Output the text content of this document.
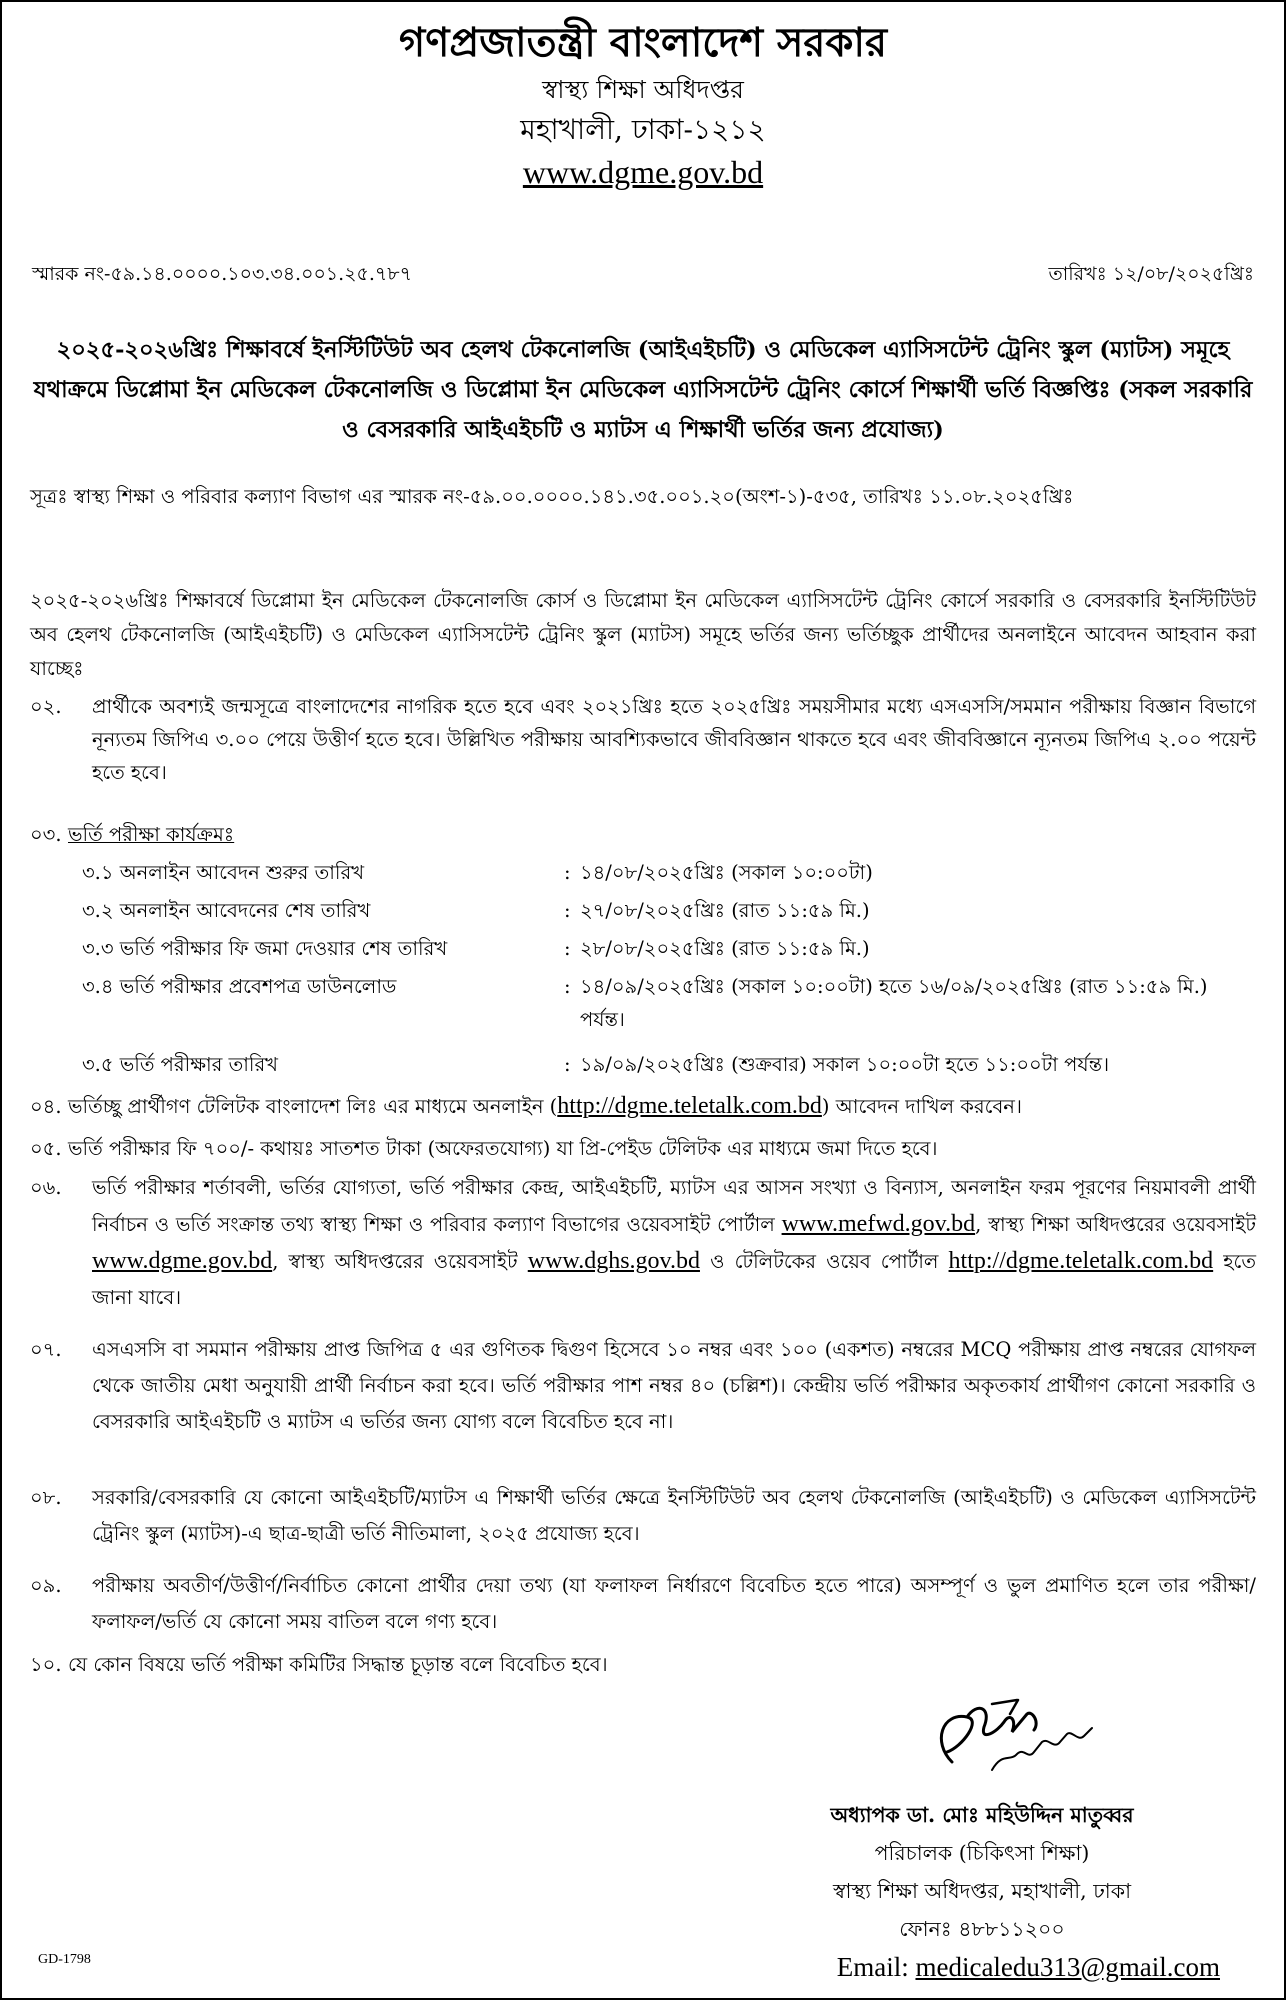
গণপ্রজাতন্ত্রী বাংলাদেশ সরকার
স্বাস্থ্য শিক্ষা অধিদপ্তর
মহাখালী, ঢাকা-১২১২
www.dgme.gov.bd
স্মারক নং-৫৯.১৪.০০০০.১০৩.৩৪.০০১.২৫.৭৮৭	তারিখঃ ১২/০৮/২০২৫খ্রিঃ
২০২৫-২০২৬খ্রিঃ শিক্ষাবর্ষে ইনস্টিটিউট অব হেলথ টেকনোলজি (আইএইচটি) ও মেডিকেল এ্যাসিসটেন্ট ট্রেনিং স্কুল (ম্যাটস) সমূহে যথাক্রমে ডিপ্লোমা ইন মেডিকেল টেকনোলজি ও ডিপ্লোমা ইন মেডিকেল এ্যাসিসটেন্ট ট্রেনিং কোর্সে শিক্ষার্থী ভর্তি বিজ্ঞপ্তিঃ (সকল সরকারি ও বেসরকারি আইএইচটি ও ম্যাটস এ শিক্ষার্থী ভর্তির জন্য প্রযোজ্য)
সূত্রঃ স্বাস্থ্য শিক্ষা ও পরিবার কল্যাণ বিভাগ এর স্মারক নং-৫৯.০০.০০০০.১৪১.৩৫.০০১.২০(অংশ-১)-৫৩৫, তারিখঃ ১১.০৮.২০২৫খ্রিঃ
২০২৫-২০২৬খ্রিঃ শিক্ষাবর্ষে ডিপ্লোমা ইন মেডিকেল টেকনোলজি কোর্স ও ডিপ্লোমা ইন মেডিকেল এ্যাসিসটেন্ট ট্রেনিং কোর্সে সরকারি ও বেসরকারি ইনস্টিটিউট অব হেলথ টেকনোলজি (আইএইচটি) ও মেডিকেল এ্যাসিসটেন্ট ট্রেনিং স্কুল (ম্যাটস) সমূহে ভর্তির জন্য ভর্তিচ্ছুক প্রার্থীদের অনলাইনে আবেদন আহবান করা যাচ্ছেঃ
০২.	প্রার্থীকে অবশ্যই জন্মসূত্রে বাংলাদেশের নাগরিক হতে হবে এবং ২০২১খ্রিঃ হতে ২০২৫খ্রিঃ সময়সীমার মধ্যে এসএসসি/সমমান পরীক্ষায় বিজ্ঞান বিভাগে নূন্যতম জিপিএ ৩.০০ পেয়ে উত্তীর্ণ হতে হবে। উল্লিখিত পরীক্ষায় আবশ্যিকভাবে জীববিজ্ঞান থাকতে হবে এবং জীববিজ্ঞানে ন্যূনতম জিপিএ ২.০০ পয়েন্ট হতে হবে।
০৩. ভর্তি পরীক্ষা কার্যক্রম
৩.১ অনলাইন আবেদন শুরুর তারিখ	: ১৪/০৮/২০২৫খ্রিঃ (সকাল ১০:০০টা)
৩.২ অনলাইন আবেদনের শেষ তারিখ	: ২৭/০৮/২০২৫খ্রিঃ (রাত ১১:৫৯ মি.)
৩.৩ ভর্তি পরীক্ষার ফি জমা দেওয়ার শেষ তারিখ	: ২৮/০৮/২০২৫খ্রিঃ (রাত ১১:৫৯ মি.)
৩.৪ ভর্তি পরীক্ষার প্রবেশপত্র ডাউনলোড	: ১৪/০৯/২০২৫খ্রিঃ (সকাল ১০:০০টা) হতে ১৬/০৯/২০২৫খ্রিঃ (রাত ১১:৫৯ মি.) পর্যন্ত।
৩.৫ ভর্তি পরীক্ষার তারিখ	: ১৯/০৯/২০২৫খ্রিঃ (শুক্রবার) সকাল ১০:০০টা হতে ১১:০০টা পর্যন্ত।
০৪. ভর্তিচ্ছু প্রার্থীগণ টেলিটক বাংলাদেশ লিঃ এর মাধ্যমে অনলাইন (http://dgme.teletalk.com.bd) আবেদন দাখিল করবেন।
০৫. ভর্তি পরীক্ষার ফি ৭০০/- কথায়ঃ সাতশত টাকা (অফেরতযোগ্য) যা প্রি-পেইড টেলিটক এর মাধ্যমে জমা দিতে হবে।
০৬.	ভর্তি পরীক্ষার শর্তাবলী, ভর্তির যোগ্যতা, ভর্তি পরীক্ষার কেন্দ্র, আইএইচটি, ম্যাটস এর আসন সংখ্যা ও বিন্যাস, অনলাইন ফরম পূরণের নিয়মাবলী প্রার্থী নির্বাচন ও ভর্তি সংক্রান্ত তথ্য স্বাস্থ্য শিক্ষা ও পরিবার কল্যাণ বিভাগের ওয়েবসাইট পোর্টাল www.mefwd.gov.bd, স্বাস্থ্য শিক্ষা অধিদপ্তরের ওয়েবসাইট www.dgme.gov.bd, স্বাস্থ্য অধিদপ্তরের ওয়েবসাইট www.dghs.gov.bd ও টেলিটকের ওয়েব পোর্টাল http://dgme.teletalk.com.bd হতে জানা যাবে।
০৭.	এসএসসি বা সমমান পরীক্ষায় প্রাপ্ত জিপিত্র ৫ এর গুণিতক দ্বিগুণ হিসেবে ১০ নম্বর এবং ১০০ (একশত) নম্বরের MCQ পরীক্ষায় প্রাপ্ত নম্বরের যোগফল থেকে জাতীয় মেধা অনুযায়ী প্রার্থী নির্বাচন করা হবে। ভর্তি পরীক্ষার পাশ নম্বর ৪০ (চল্লিশ)। কেন্দ্রীয় ভর্তি পরীক্ষার অকৃতকার্য প্রার্থীগণ কোনো সরকারি ও বেসরকারি আইএইচটি ও ম্যাটস এ ভর্তির জন্য যোগ্য বলে বিবেচিত হবে না।
০৮.	সরকারি/বেসরকারি যে কোনো আইএইচটি/ম্যাটস এ শিক্ষার্থী ভর্তির ক্ষেত্রে ইনস্টিটিউট অব হেলথ টেকনোলজি (আইএইচটি) ও মেডিকেল এ্যাসিসটেন্ট ট্রেনিং স্কুল (ম্যাটস)-এ ছাত্র-ছাত্রী ভর্তি নীতিমালা, ২০২৫ প্রযোজ্য হবে।
০৯.	পরীক্ষায় অবতীর্ণ/উত্তীর্ণ/নির্বাচিত কোনো প্রার্থীর দেয়া তথ্য (যা ফলাফল নির্ধারণে বিবেচিত হতে পারে) অসম্পূর্ণ ও ভুল প্রমাণিত হলে তার পরীক্ষা/ফলাফল/ভর্তি যে কোনো সময় বাতিল বলে গণ্য হবে।
১০. যে কোন বিষয়ে ভর্তি পরীক্ষা কমিটির সিদ্ধান্ত চূড়ান্ত বলে বিবেচিত হবে।
অধ্যাপক ডা. মোঃ মহিউদ্দিন মাতুব্বর
পরিচালক (চিকিৎসা শিক্ষা)
স্বাস্থ্য শিক্ষা অধিদপ্তর, মহাখালী, ঢাকা
ফোনঃ ৪৮৮১১২০০
GD-1798	Email: medicaledu313@gmail.com
